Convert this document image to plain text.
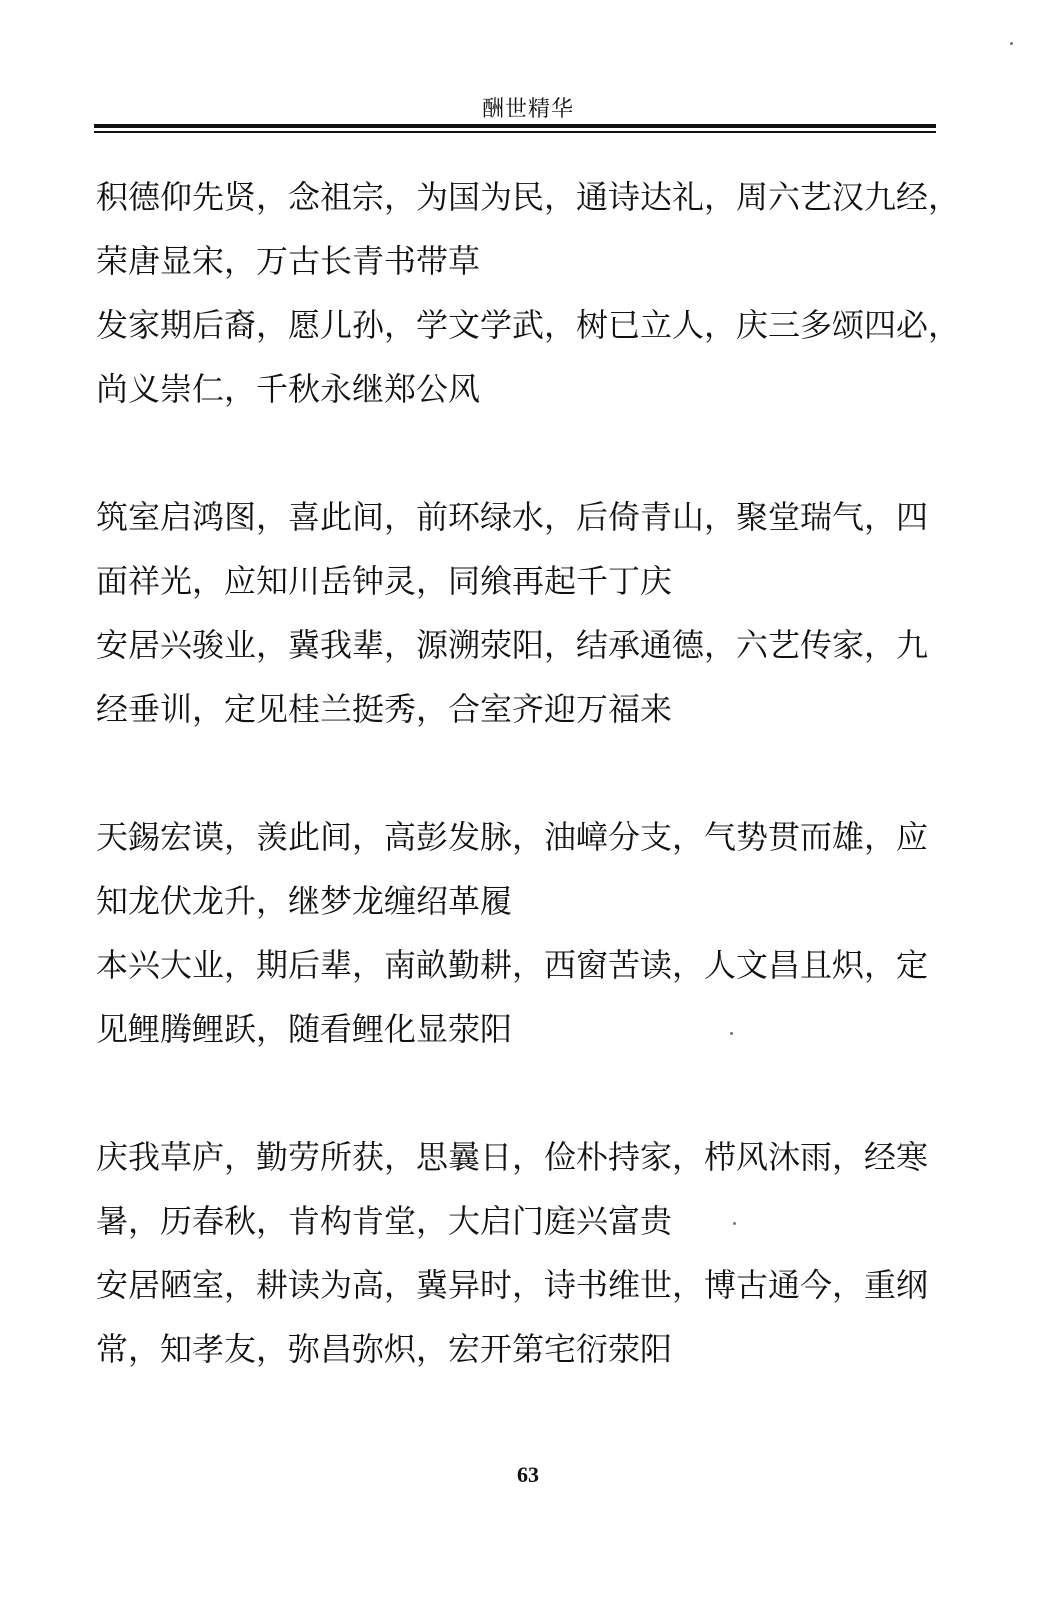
酬世精华
积德仰先贤，念祖宗，为国为民，通诗达礼，周六艺汉九经，
荣唐显宋，万古长青书带草
发家期后裔，愿儿孙，学文学武，树已立人，庆三多颂四必，
尚义崇仁，千秋永继郑公风
筑室启鸿图，喜此间，前环绿水，后倚青山，聚堂瑞气，四
面祥光，应知川岳钟灵，同飨再起千丁庆
安居兴骏业，冀我辈，源溯荥阳，结承通德，六艺传家，九
经垂训，定见桂兰挺秀，合室齐迎万福来
天錫宏谟，羡此间，高彭发脉，油嶂分支，气势贯而雄，应
知龙伏龙升，继梦龙缠绍革履
本兴大业，期后辈，南畝勤耕，西窗苦读，人文昌且炽，定
见鲤腾鲤跃，随看鲤化显荥阳
庆我草庐，勤劳所获，思曩日，俭朴持家，栉风沐雨，经寒
暑，历春秋，肯构肯堂，大启门庭兴富贵
安居陋室，耕读为高，冀异时，诗书维世，博古通今，重纲
常，知孝友，弥昌弥炽，宏开第宅衍荥阳
63
